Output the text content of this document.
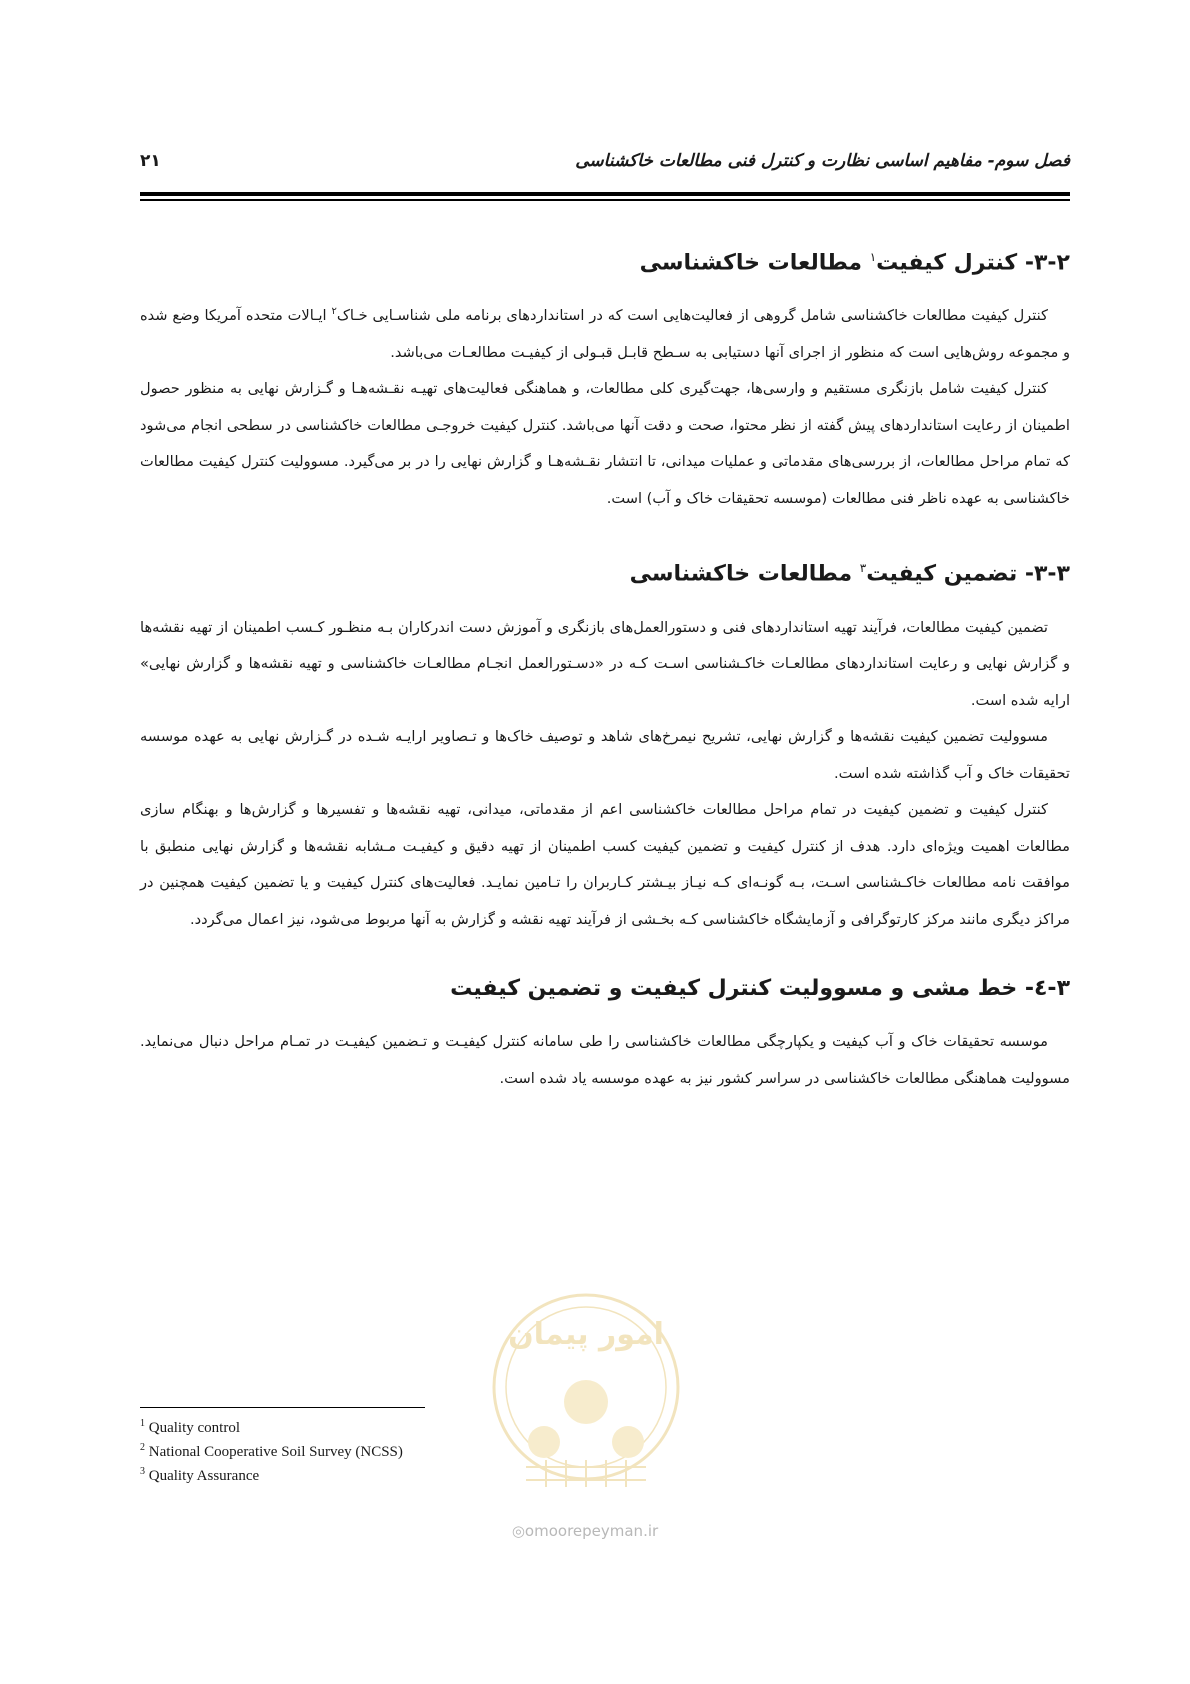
فصل سوم- مفاهیم اساسی نظارت و کنترل فنی مطالعات خاکشناسی
۲۱
۳-۲- کنترل کیفیت$^۱$ مطالعات خاکشناسی

کنترل کیفیت مطالعات خاکشناسی شامل گروهی از فعالیت‌هایی است که در استانداردهای برنامه ملی شناسـایی خـاک$^۲$ ایـالات متحده آمریکا وضع شده و مجموعه روش‌هایی است که منظور از اجرای آنها دستیابی به سـطح قابـل قبـولی از کیفیـت مطالعـات می‌باشد.

کنترل کیفیت شامل بازنگری مستقیم و وارسی‌ها، جهت‌گیری کلی مطالعات، و هماهنگی فعالیت‌های تهیـه نقـشه‌هـا و گـزارش نهایی به منظور حصول اطمینان از رعایت استانداردهای پیش گفته از نظر محتوا، صحت و دقت آنها می‌باشد. کنترل کیفیت خروجـی مطالعات خاکشناسی در سطحی انجام می‌شود که تمام مراحل مطالعات، از بررسی‌های مقدماتی و عملیات میدانی، تا انتشار نقـشه‌هـا و گزارش نهایی را در بر می‌گیرد. مسوولیت کنترل کیفیت مطالعات خاکشناسی به عهده ناظر فنی مطالعات (موسسه تحقیقات خاک و آب) است.

۳-۳- تضمین کیفیت$^۳$ مطالعات خاکشناسی

تضمین کیفیت مطالعات، فرآیند تهیه استانداردهای فنی و دستورالعمل‌های بازنگری و آموزش دست اندرکاران بـه منظـور کـسب اطمینان از تهیه نقشه‌ها و گزارش نهایی و رعایت استانداردهای مطالعـات خاکـشناسی اسـت کـه در «دسـتورالعمل انجـام مطالعـات خاکشناسی و تهیه نقشه‌ها و گزارش نهایی» ارایه شده است.

مسوولیت تضمین کیفیت نقشه‌ها و گزارش نهایی، تشریح نیمرخ‌های شاهد و توصیف خاک‌ها و تـصاویر ارایـه شـده در گـزارش نهایی به عهده موسسه تحقیقات خاک و آب گذاشته شده است.

کنترل کیفیت و تضمین کیفیت در تمام مراحل مطالعات خاکشناسی اعم از مقدماتی، میدانی، تهیه نقشه‌ها و تفسیرها و گزارش‌ها و بهنگام سازی مطالعات اهمیت ویژه‌ای دارد. هدف از کنترل کیفیت و تضمین کیفیت کسب اطمینان از تهیه دقیق و کیفیـت مـشابه نقشه‌ها و گزارش نهایی منطبق با موافقت نامه مطالعات خاکـشناسی اسـت، بـه گونـه‌ای کـه نیـاز بیـشتر کـاربران را تـامین نمایـد. فعالیت‌های کنترل کیفیت و یا تضمین کیفیت همچنین در مراکز دیگری مانند مرکز کارتوگرافی و آزمایشگاه خاکشناسی کـه بخـشی از فرآیند تهیه نقشه و گزارش به آنها مربوط می‌شود، نیز اعمال می‌گردد.

۳-٤- خط مشی و مسوولیت کنترل کیفیت و تضمین کیفیت

موسسه تحقیقات خاک و آب کیفیت و یکپارچگی مطالعات خاکشناسی را طی سامانه کنترل کیفیـت و تـضمین کیفیـت در تمـام مراحل دنبال می‌نماید. مسوولیت هماهنگی مطالعات خاکشناسی در سراسر کشور نیز به عهده موسسه یاد شده است.

$^1$ Quality control
$^2$ National Cooperative Soil Survey (NCSS)
$^3$ Quality Assurance
امور پیمان
◎omoorepeyman.ir
